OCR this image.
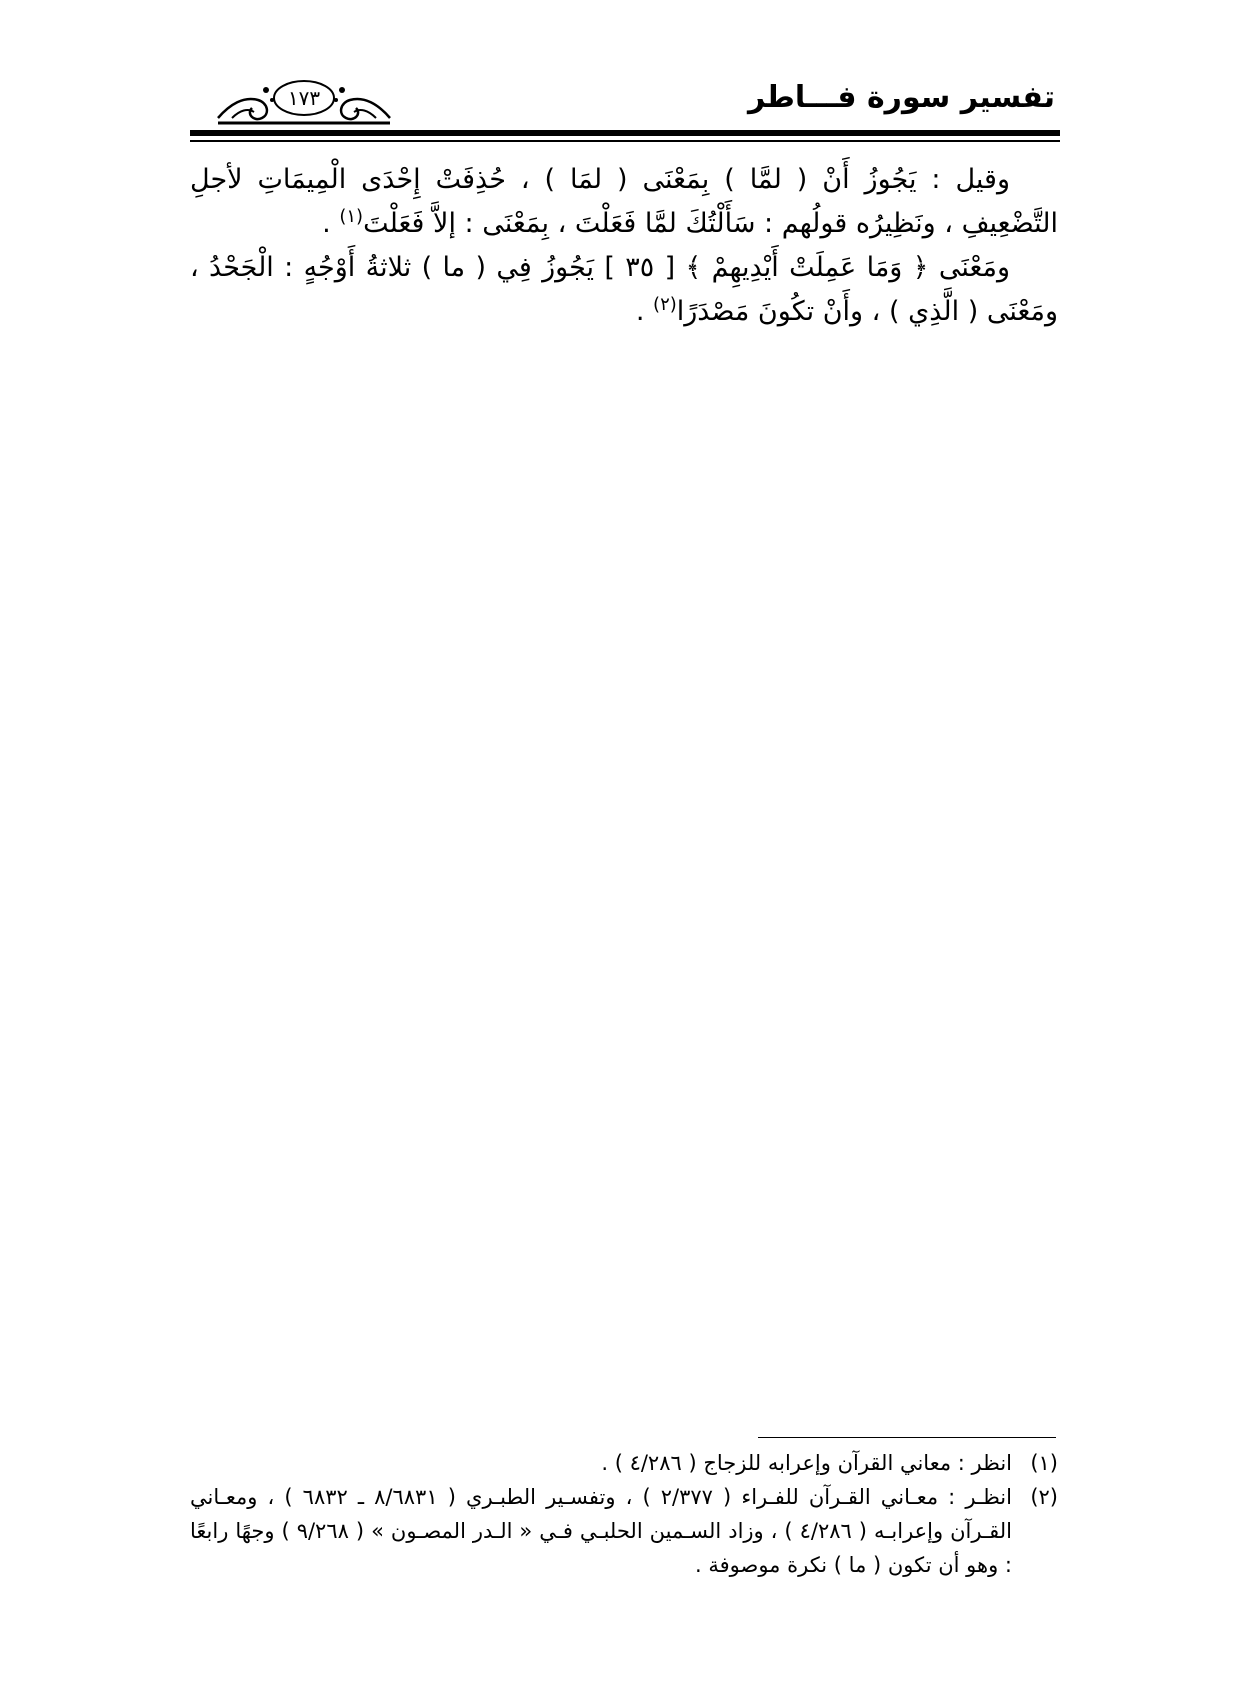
تفسير سورة فـــاطر
١٧٣

وقيل : يَجُوزُ أَنْ ( لمَّا ) بِمَعْنَى ( لمَا ) ، حُذِفَتْ إِحْدَى الْمِيمَاتِ لأجلِ التَّضْعِيفِ ، ونَظِيرُه قولُهم : سَأَلْتُكَ لمَّا فَعَلْتَ ، بِمَعْنَى : إلاَّ فَعَلْتَ$^{(١)}$ .

ومَعْنَى ﴿ وَمَا عَمِلَتْ أَيْدِيهِمْ ﴾ [ ٣٥ ] يَجُوزُ فِي ( ما ) ثلاثةُ أَوْجُهٍ : الْجَحْدُ ، ومَعْنَى ( الَّذِي ) ، وأَنْ تكُونَ مَصْدَرًا$^{(٢)}$ .

(١)
انظر : معاني القرآن وإعرابه للزجاج ( ٤/٢٨٦ ) .
(٢)
انظـر : معـاني القـرآن للفـراء ( ٢/٣٧٧ ) ، وتفسـير الطبـري ( ٨/٦٨٣١ ـ ٦٨٣٢ ) ، ومعـاني القـرآن وإعرابـه ( ٤/٢٨٦ ) ، وزاد السـمين الحلبـي فـي « الـدر المصـون » ( ٩/٢٦٨ ) وجهًا رابعًا : وهو أن تكون ( ما ) نكرة موصوفة .
